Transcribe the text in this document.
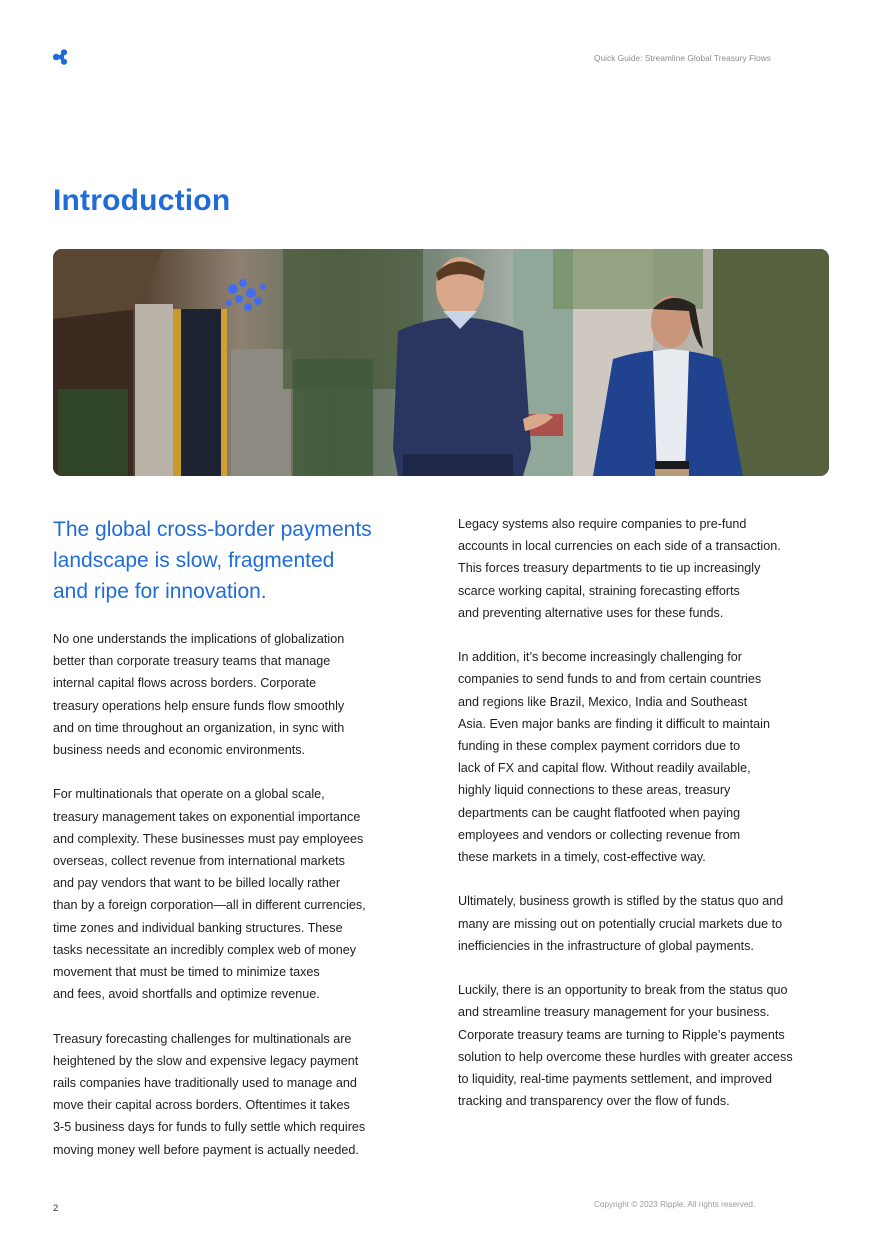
Quick Guide: Streamline Global Treasury Flows
Introduction
The global cross-border payments
landscape is slow, fragmented
and ripe for innovation.

No one understands the implications of globalization
better than corporate treasury teams that manage
internal capital flows across borders. Corporate
treasury operations help ensure funds flow smoothly
and on time throughout an organization, in sync with
business needs and economic environments.

For multinationals that operate on a global scale,
treasury management takes on exponential importance
and complexity. These businesses must pay employees
overseas, collect revenue from international markets
and pay vendors that want to be billed locally rather
than by a foreign corporation—all in different currencies,
time zones and individual banking structures. These
tasks necessitate an incredibly complex web of money
movement that must be timed to minimize taxes
and fees, avoid shortfalls and optimize revenue.

Treasury forecasting challenges for multinationals are
heightened by the slow and expensive legacy payment
rails companies have traditionally used to manage and
move their capital across borders. Oftentimes it takes
3-5 business days for funds to fully settle which requires
moving money well before payment is actually needed.

Legacy systems also require companies to pre-fund
accounts in local currencies on each side of a transaction.
This forces treasury departments to tie up increasingly
scarce working capital, straining forecasting efforts
and preventing alternative uses for these funds.

In addition, it’s become increasingly challenging for
companies to send funds to and from certain countries
and regions like Brazil, Mexico, India and Southeast
Asia. Even major banks are finding it difficult to maintain
funding in these complex payment corridors due to
lack of FX and capital flow. Without readily available,
highly liquid connections to these areas, treasury
departments can be caught flatfooted when paying
employees and vendors or collecting revenue from
these markets in a timely, cost-effective way.

Ultimately, business growth is stifled by the status quo and
many are missing out on potentially crucial markets due to
inefficiencies in the infrastructure of global payments.

Luckily, there is an opportunity to break from the status quo
and streamline treasury management for your business.
Corporate treasury teams are turning to Ripple’s payments
solution to help overcome these hurdles with greater access
to liquidity, real-time payments settlement, and improved
tracking and transparency over the flow of funds.

2	Copyright © 2023 Ripple. All rights reserved.
